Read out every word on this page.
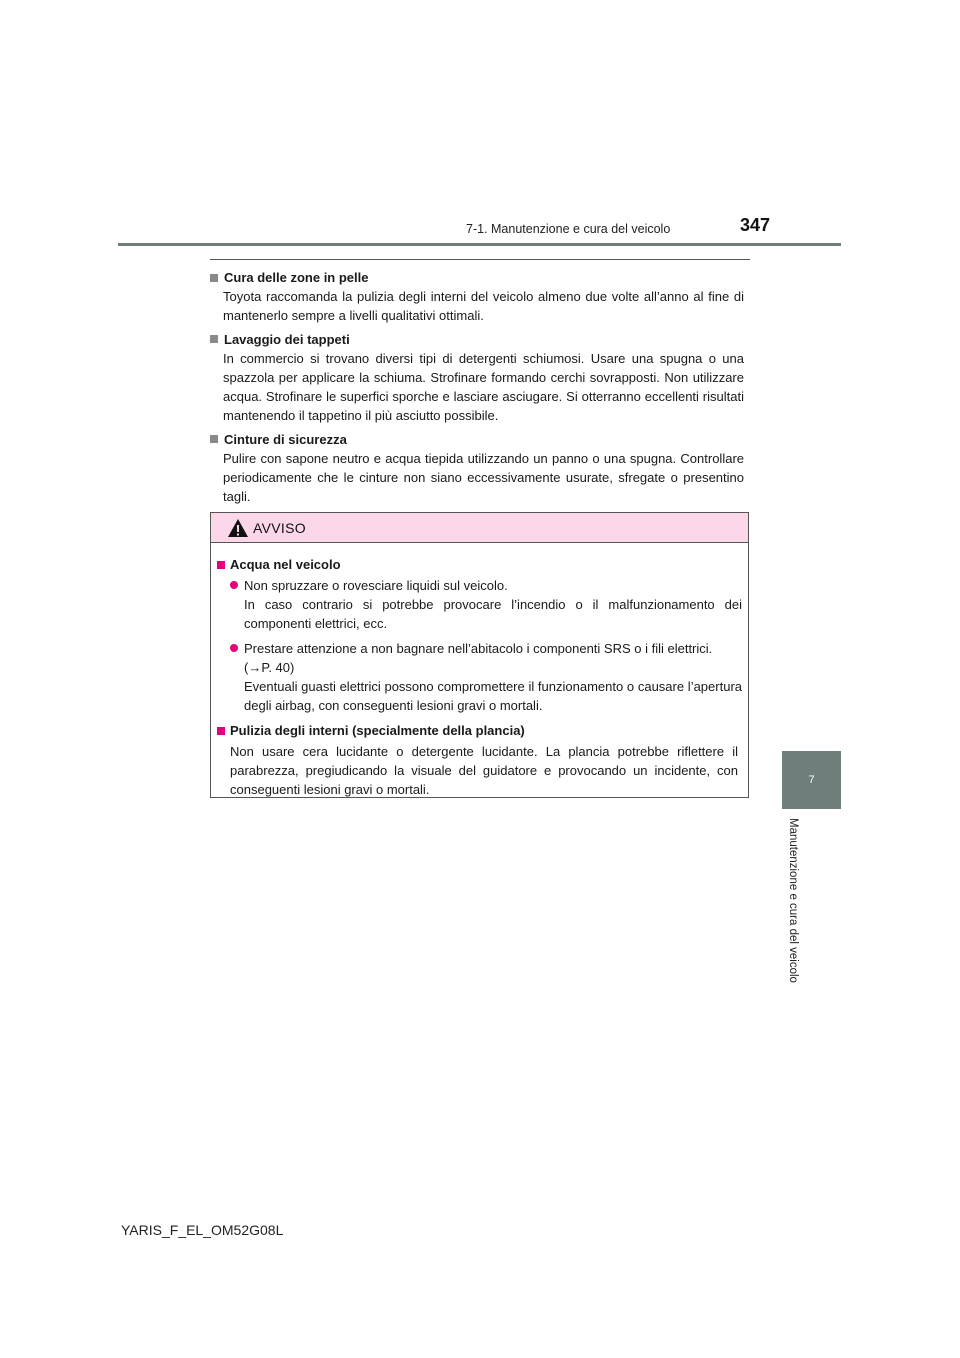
7-1. Manutenzione e cura del veicolo	347
7
Manutenzione e cura del veicolo
Cura delle zone in pelle

Toyota raccomanda la pulizia degli interni del veicolo almeno due volte all’anno al fine di mantenerlo sempre a livelli qualitativi ottimali.

Lavaggio dei tappeti

In commercio si trovano diversi tipi di detergenti schiumosi. Usare una spugna o una spazzola per applicare la schiuma. Strofinare formando cerchi sovrapposti. Non utilizzare acqua. Strofinare le superfici sporche e lasciare asciugare. Si otterranno eccellenti risultati mantenendo il tappetino il più asciutto possibile.

Cinture di sicurezza

Pulire con sapone neutro e acqua tiepida utilizzando un panno o una spugna. Controllare periodicamente che le cinture non siano eccessivamente usurate, sfregate o presentino tagli.

AVVISO
Acqua nel veicolo
Non spruzzare o rovesciare liquidi sul veicolo.
In caso contrario si potrebbe provocare l’incendio o il malfunzionamento dei componenti elettrici, ecc.
Prestare attenzione a non bagnare nell’abitacolo i componenti SRS o i fili elettrici.
(→P. 40)
Eventuali guasti elettrici possono compromettere il funzionamento o causare l’apertura degli airbag, con conseguenti lesioni gravi o mortali.
Pulizia degli interni (specialmente della plancia)

Non usare cera lucidante o detergente lucidante. La plancia potrebbe riflettere il parabrezza, pregiudicando la visuale del guidatore e provocando un incidente, con conseguenti lesioni gravi o mortali.

YARIS_F_EL_OM52G08L
